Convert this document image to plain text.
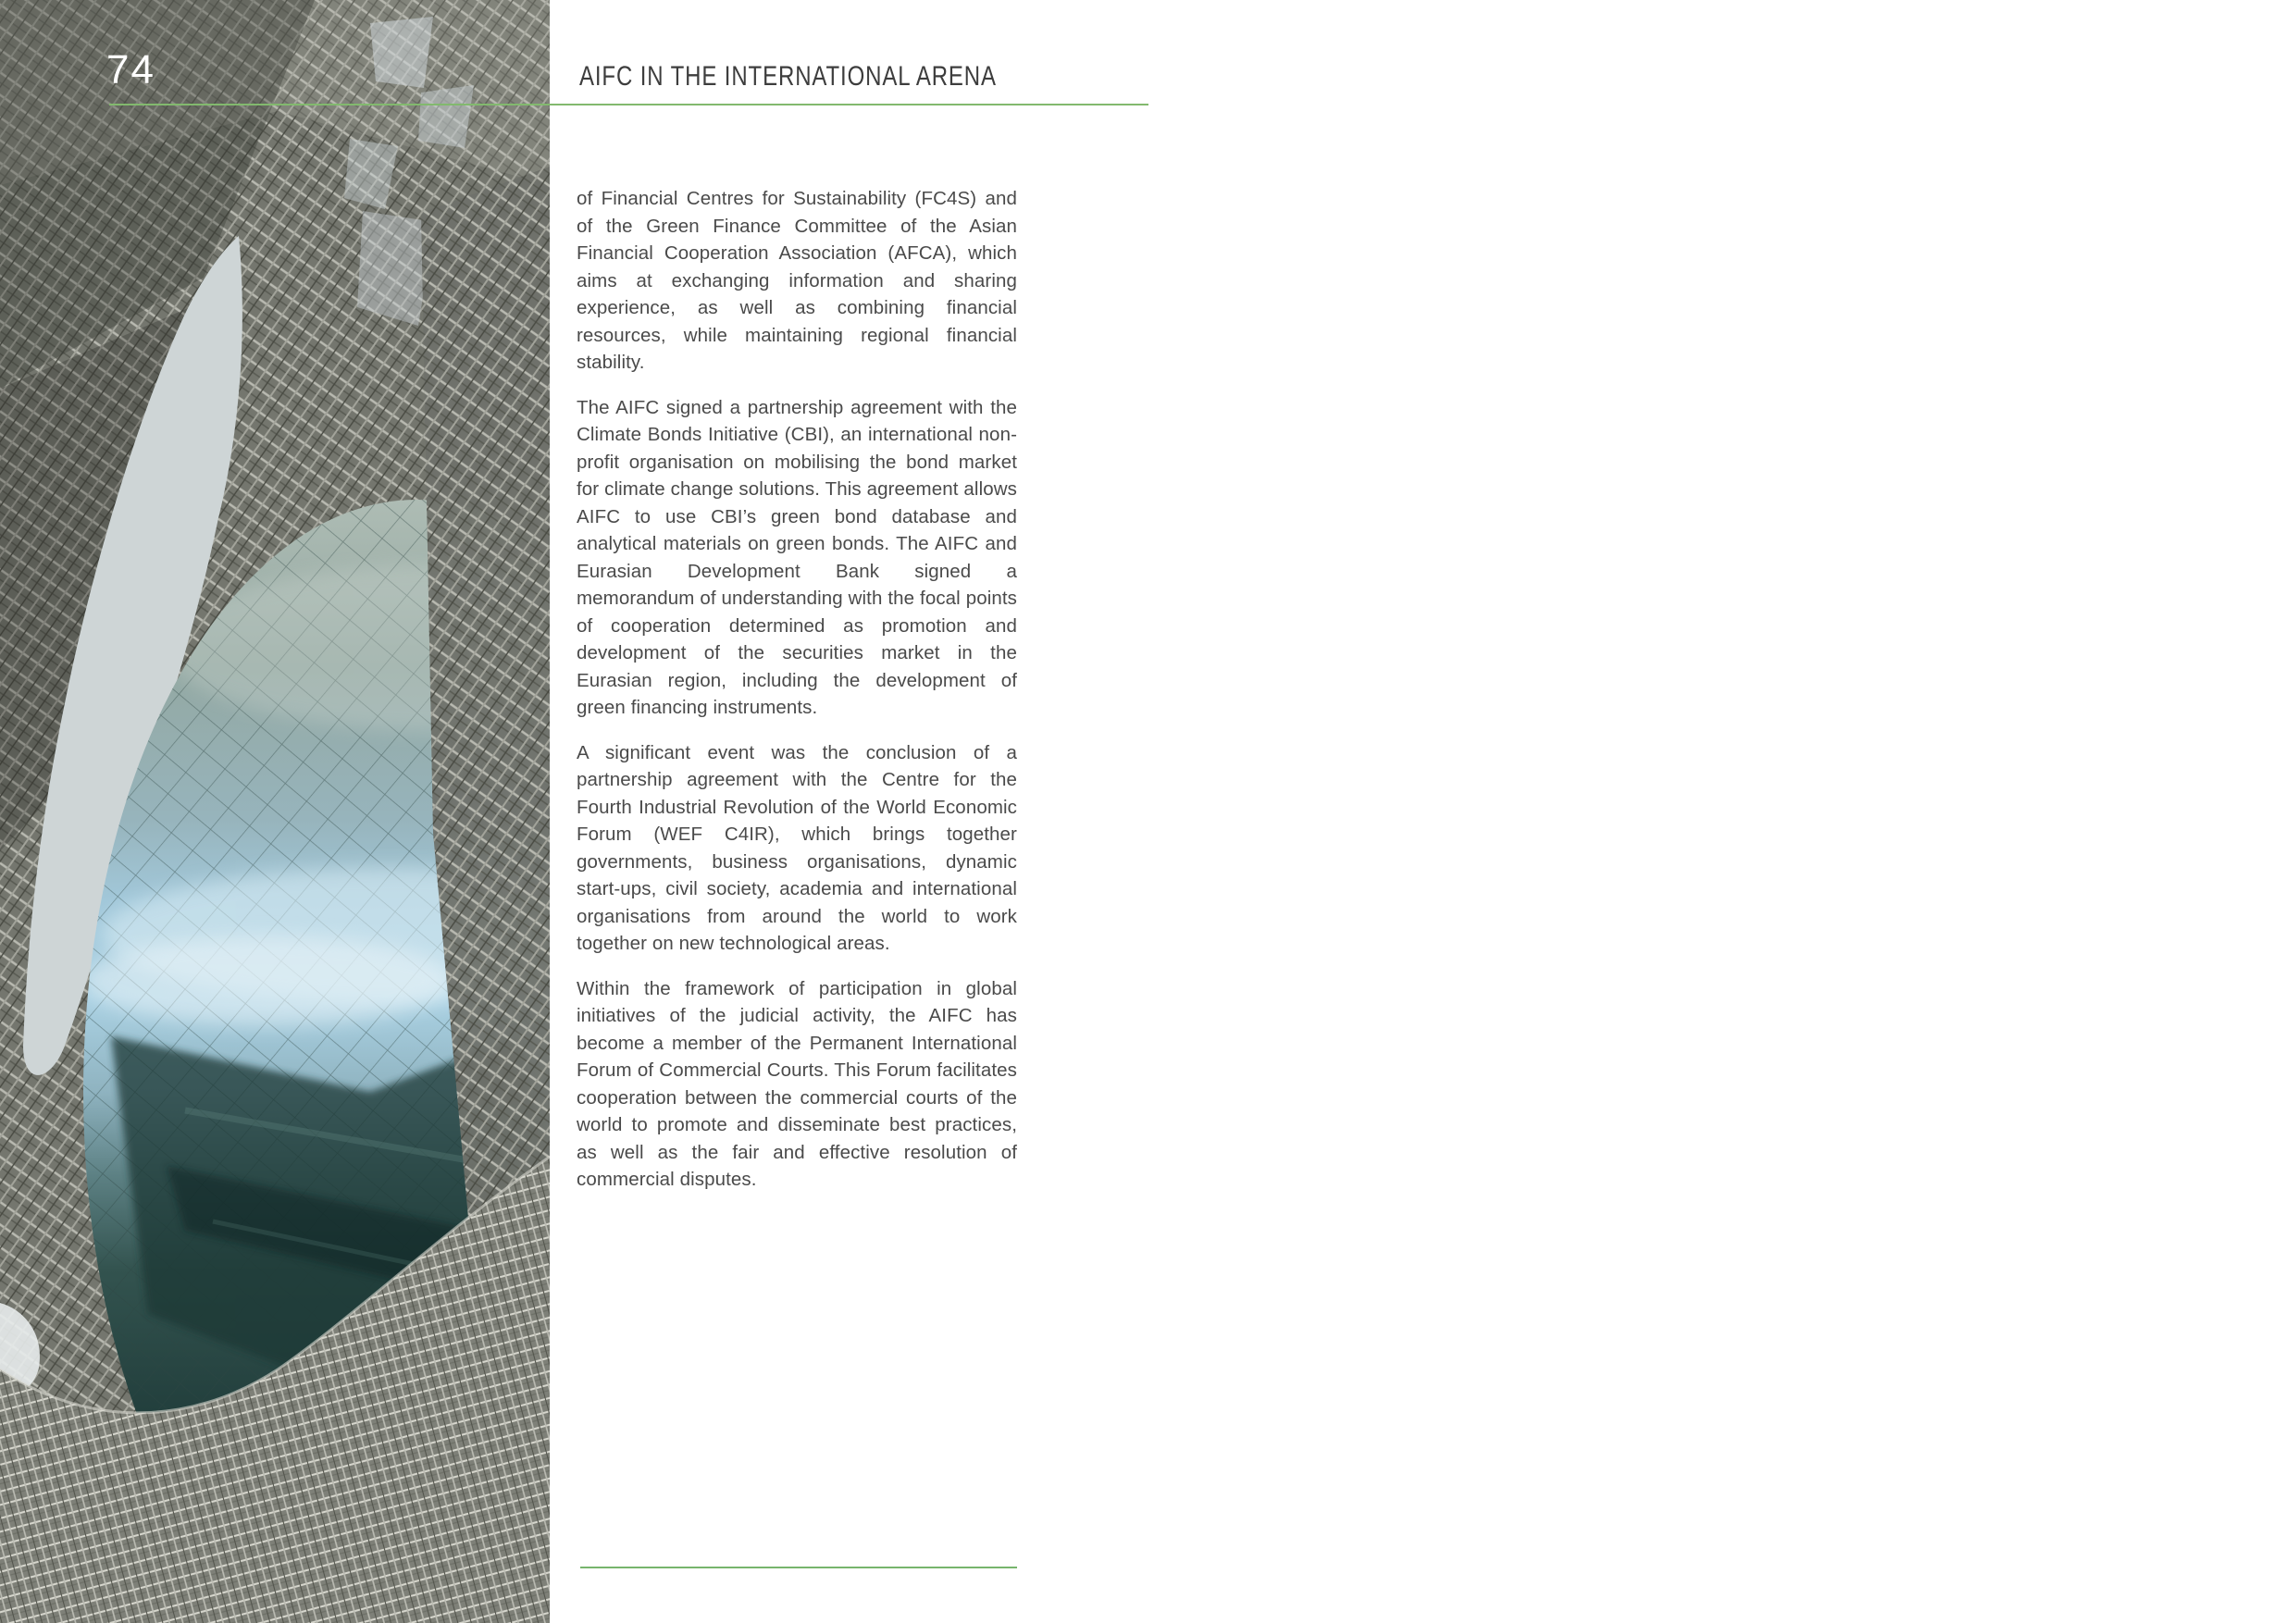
74	AIFC IN THE INTERNATIONAL ARENA

of Financial Centres for Sustainability (FC4S) and of the Green Finance Committee of the Asian Financial Cooperation Association (AFCA), which aims at exchanging information and sharing experience, as well as combining financial resources, while maintaining regional financial stability.

The AIFC signed a partnership agreement with the Climate Bonds Initiative (CBI), an international non-profit organisation on mobilising the bond market for climate change solutions. This agreement allows AIFC to use CBI’s green bond database and analytical materials on green bonds. The AIFC and Eurasian Development Bank signed a memorandum of understanding with the focal points of cooperation determined as promotion and development of the securities market in the Eurasian region, including the development of green financing instruments.

A significant event was the conclusion of a partnership agreement with the Centre for the Fourth Industrial Revolution of the World Economic Forum (WEF C4IR), which brings together governments, business organisations, dynamic start-ups, civil society, academia and international organisations from around the world to work together on new technological areas.

Within the framework of participation in global initiatives of the judicial activity, the AIFC has become a member of the Permanent International Forum of Commercial Courts. This Forum facilitates cooperation between the commercial courts of the world to promote and disseminate best practices, as well as the fair and effective resolution of commercial disputes.
